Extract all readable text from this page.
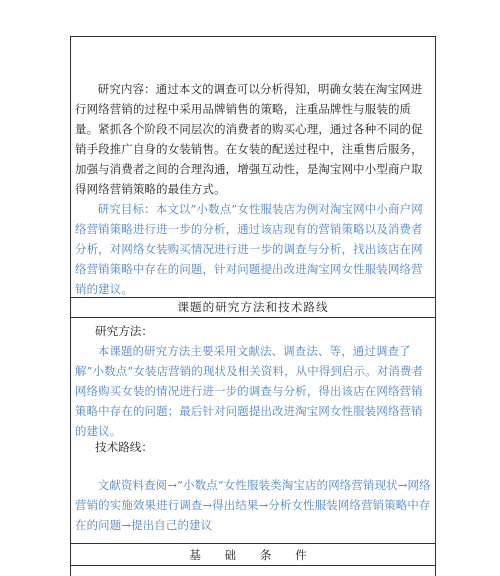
研究内容：通过本文的调查可以分析得知，明确女装在淘宝网进行网络营销的过程中采用品牌销售的策略，注重品牌性与服装的质量。紧抓各个阶段不同层次的消费者的购买心理，通过各种不同的促销手段推广自身的女装销售。在女装的配送过程中，注重售后服务，加强与消费者之间的合理沟通，增强互动性，是淘宝网中小型商户取得网络营销策略的最佳方式。
研究目标：本文以”小数点”女性服装店为例对淘宝网中小商户网络营销策略进行进一步的分析，通过该店现有的营销策略以及消费者分析，对网络女装购买情况进行进一步的调查与分析，找出该店在网络营销策略中存在的问题，针对问题提出改进淘宝网女性服装网络营销的建议。
课题的研究方法和技术路线
研究方法：
本课题的研究方法主要采用文献法、调查法、等，通过调查了解”小数点”女装店营销的现状及相关资料，从中得到启示。对消费者网络购买女装的情况进行进一步的调查与分析，得出该店在网络营销策略中存在的问题；最后针对问题提出改进淘宝网女性服装网络营销的建议。
技术路线：
文献资料查阅→”小数点”女性服装类淘宝店的网络营销现状→网络营销的实施效果进行调查→得出结果→分析女性服装网络营销策略中存在的问题→提出自己的建议
基 础 条 件
